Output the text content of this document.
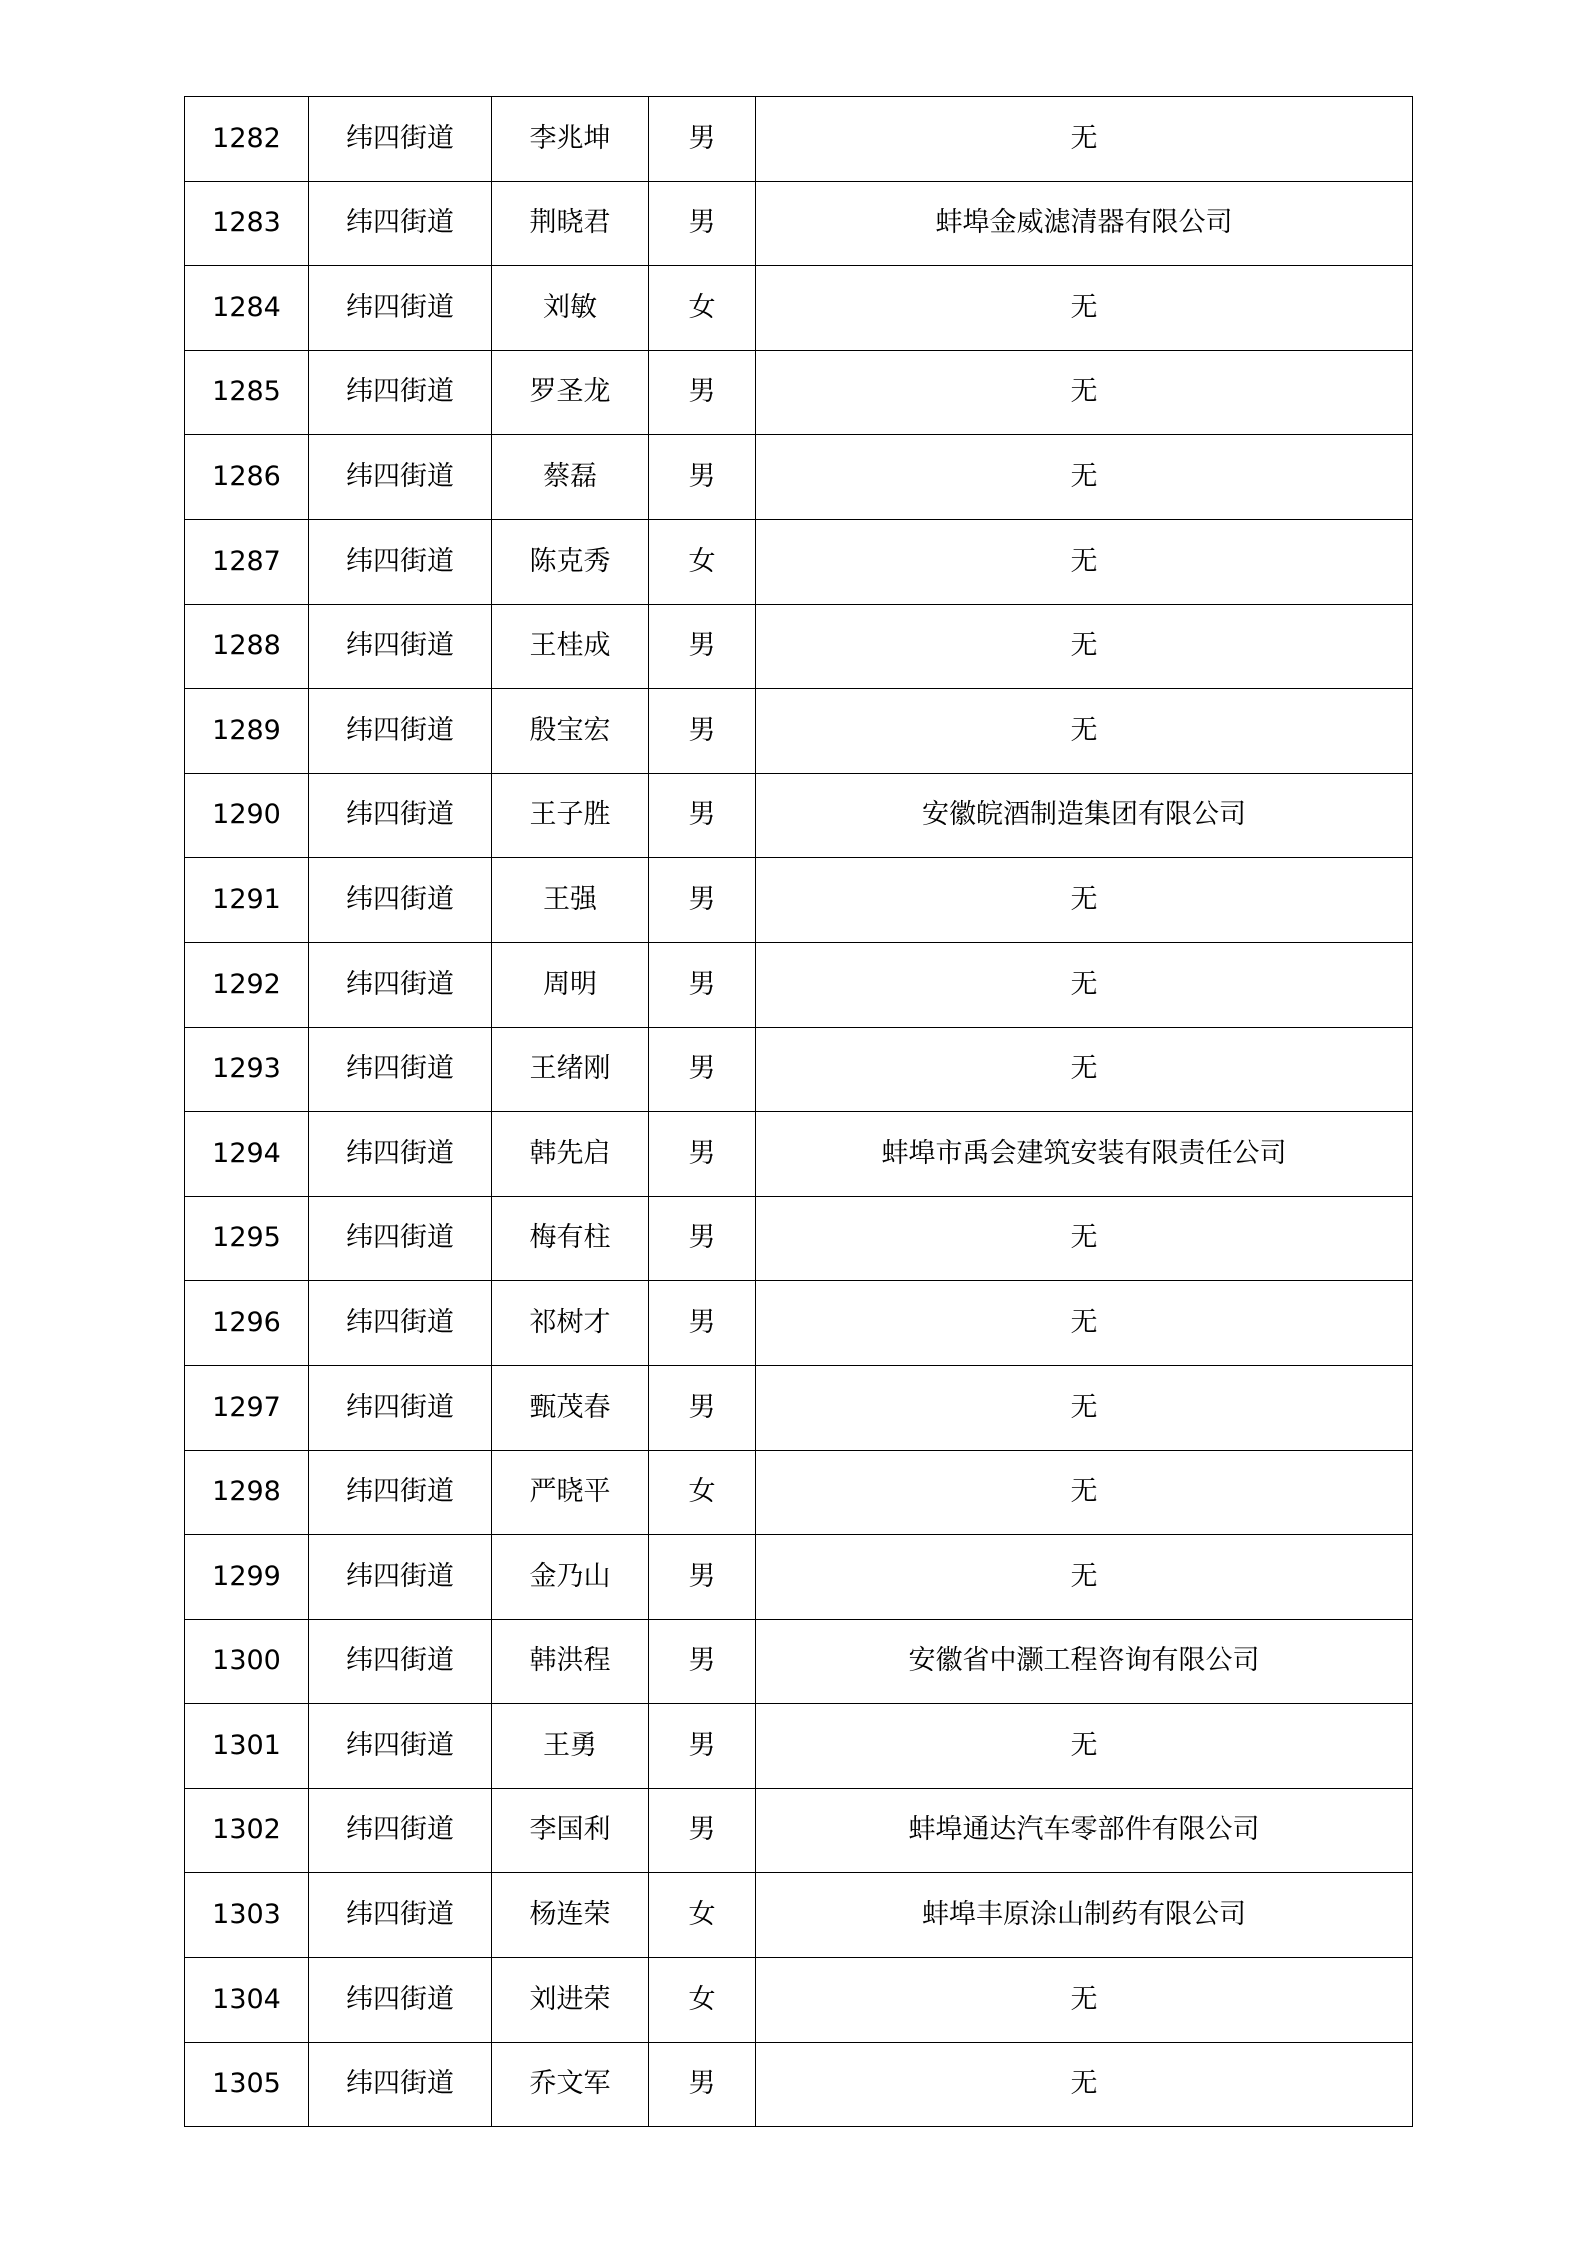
1282	纬四街道	李兆坤	男	无
1283	纬四街道	荆晓君	男	蚌埠金威滤清器有限公司
1284	纬四街道	刘敏	女	无
1285	纬四街道	罗圣龙	男	无
1286	纬四街道	蔡磊	男	无
1287	纬四街道	陈克秀	女	无
1288	纬四街道	王桂成	男	无
1289	纬四街道	殷宝宏	男	无
1290	纬四街道	王子胜	男	安徽皖酒制造集团有限公司
1291	纬四街道	王强	男	无
1292	纬四街道	周明	男	无
1293	纬四街道	王绪刚	男	无
1294	纬四街道	韩先启	男	蚌埠市禹会建筑安装有限责任公司
1295	纬四街道	梅有柱	男	无
1296	纬四街道	祁树才	男	无
1297	纬四街道	甄茂春	男	无
1298	纬四街道	严晓平	女	无
1299	纬四街道	金乃山	男	无
1300	纬四街道	韩洪程	男	安徽省中灏工程咨询有限公司
1301	纬四街道	王勇	男	无
1302	纬四街道	李国利	男	蚌埠通达汽车零部件有限公司
1303	纬四街道	杨连荣	女	蚌埠丰原涂山制药有限公司
1304	纬四街道	刘进荣	女	无
1305	纬四街道	乔文军	男	无
